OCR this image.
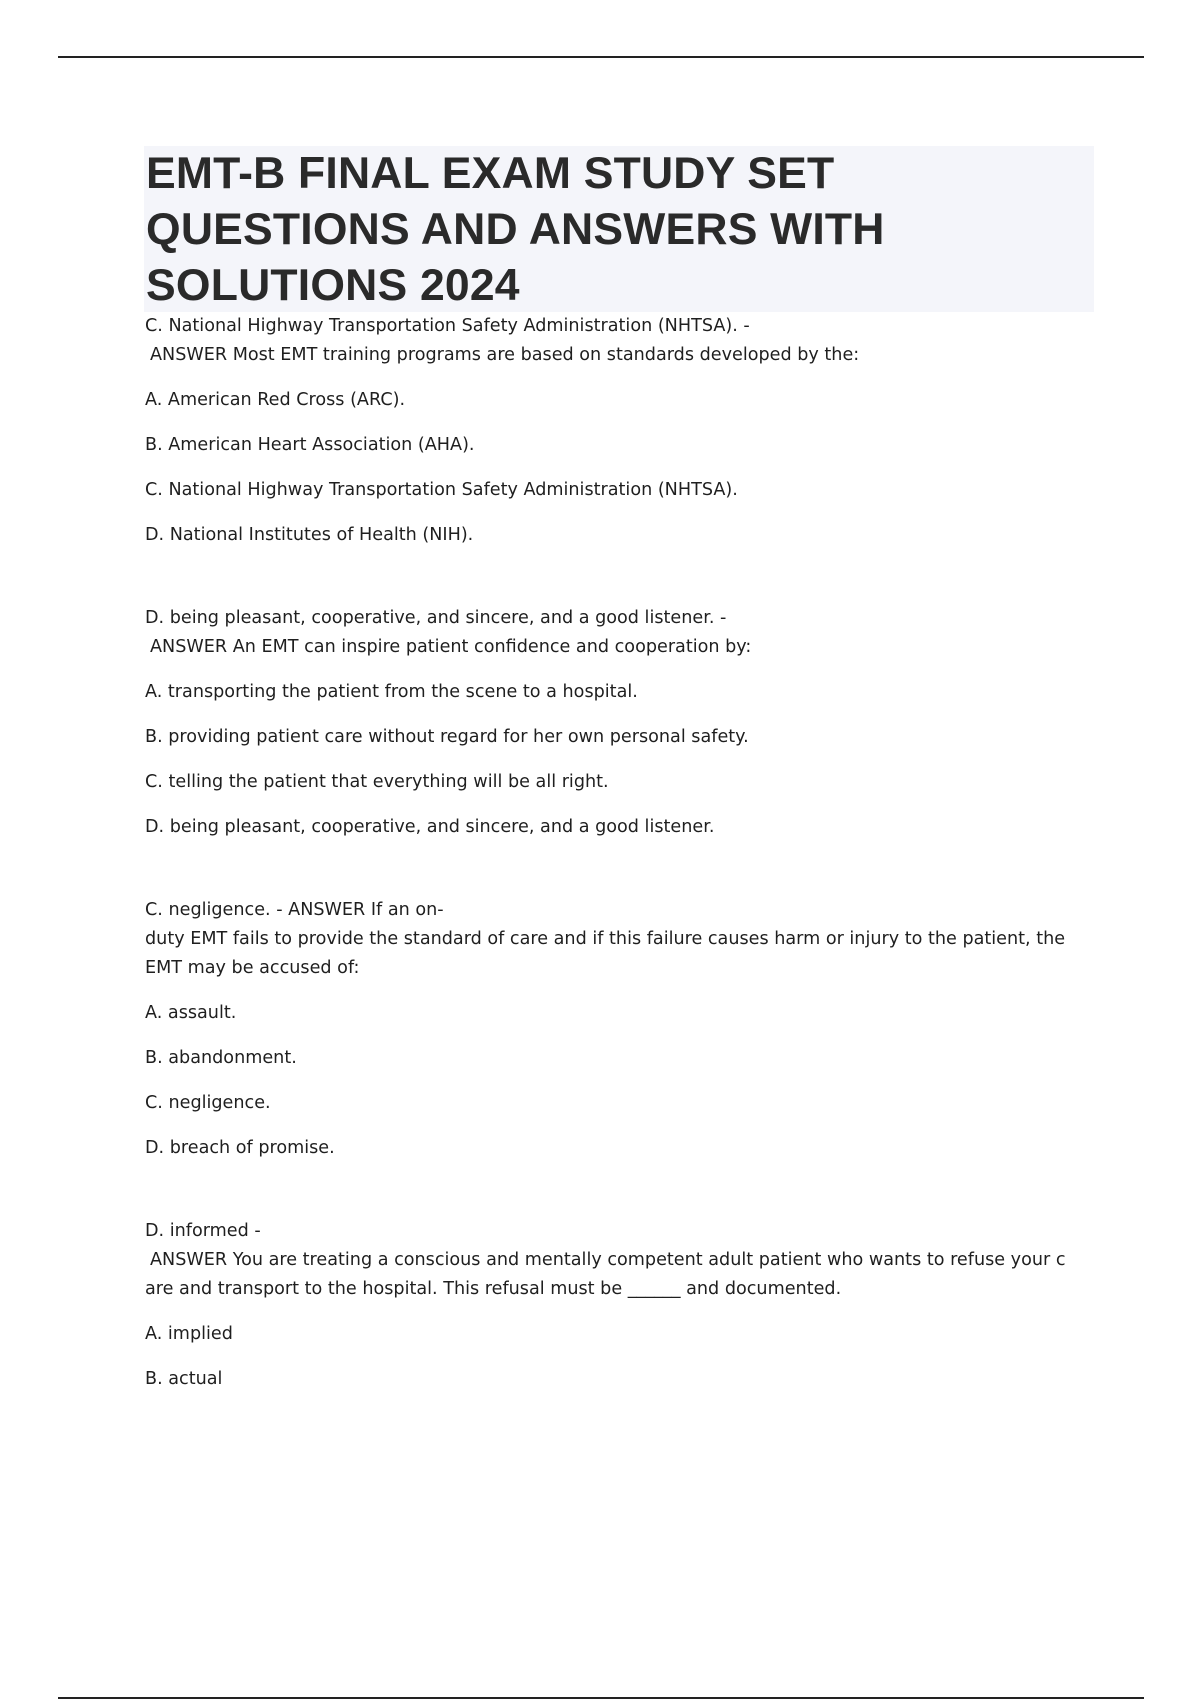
EMT-B FINAL EXAM STUDY SET
QUESTIONS AND ANSWERS WITH
SOLUTIONS 2024

C. National Highway Transportation Safety Administration (NHTSA). -
ANSWER Most EMT training programs are based on standards developed by the:

A. American Red Cross (ARC).
B. American Heart Association (AHA).
C. National Highway Transportation Safety Administration (NHTSA).
D. National Institutes of Health (NIH).

D. being pleasant, cooperative, and sincere, and a good listener. -
ANSWER An EMT can inspire patient confidence and cooperation by:

A. transporting the patient from the scene to a hospital.
B. providing patient care without regard for her own personal safety.
C. telling the patient that everything will be all right.
D. being pleasant, cooperative, and sincere, and a good listener.

C. negligence. - ANSWER If an on-
duty EMT fails to provide the standard of care and if this failure causes harm or injury to the patient, the
EMT may be accused of:

A. assault.
B. abandonment.
C. negligence.
D. breach of promise.

D. informed -
ANSWER You are treating a conscious and mentally competent adult patient who wants to refuse your c
are and transport to the hospital. This refusal must be ______ and documented.

A. implied
B. actual
